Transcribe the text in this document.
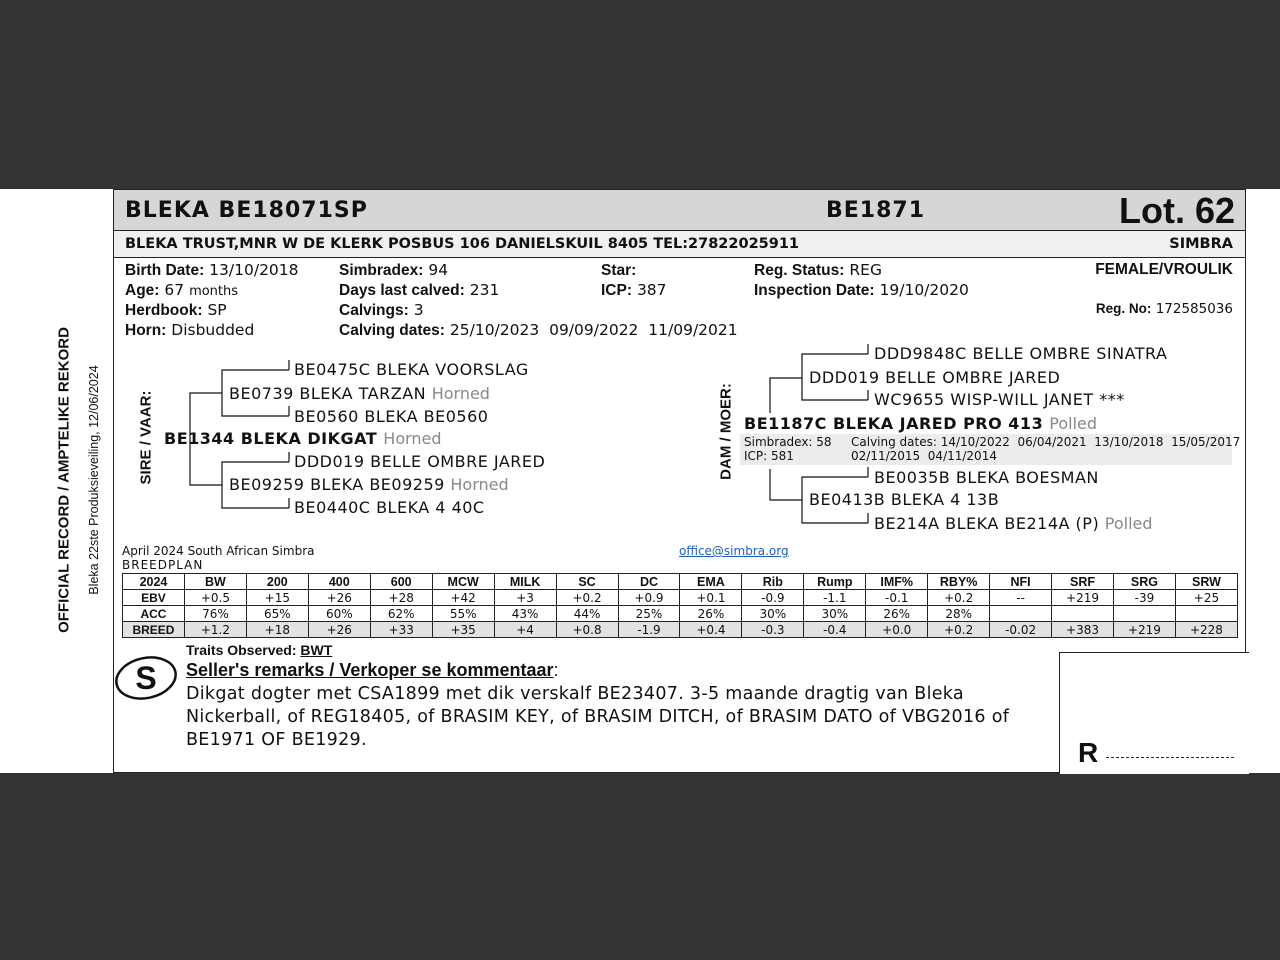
OFFICIAL RECORD / AMPTELIKE REKORD Bleka 22ste Produksieveiling, 12/06/2024
BLEKA BE18071SP	BE1871	Lot. 62
BLEKA TRUST,MNR W DE KLERK POSBUS 106 DANIELSKUIL 8405 TEL:27822025911	SIMBRA
Birth Date: 13/10/2018
Age: 67 months
Herdbook: SP
Horn: Disbudded
Simbradex: 94
Days last calved: 231
Calvings: 3
Calving dates: 25/10/2023  09/09/2022  11/09/2021
Star:
ICP: 387
Reg. Status: REG
Inspection Date: 19/10/2020
FEMALE/VROULIK
Reg. No: 172585036
SIRE / VAAR:
BE0475C BLEKA VOORSLAG
BE0739 BLEKA TARZAN Horned
BE0560 BLEKA BE0560
BE1344 BLEKA DIKGAT Horned
DDD019 BELLE OMBRE JARED
BE09259 BLEKA BE09259 Horned
BE0440C BLEKA 4 40C
DAM / MOER:
DDD9848C BELLE OMBRE SINATRA
DDD019 BELLE OMBRE JARED
WC9655 WISP-WILL JANET ***
BE1187C BLEKA JARED PRO 413 Polled
Simbradex: 58
ICP: 581
Calving dates: 14/10/2022  06/04/2021  13/10/2018  15/05/2017
02/11/2015  04/11/2014
BE0035B BLEKA BOESMAN
BE0413B BLEKA 4 13B
BE214A BLEKA BE214A (P) Polled
April 2024 South African Simbra
BREEDPLAN
office@simbra.org
2024	BW	200	400	600	MCW	MILK	SC	DC	EMA	Rib	Rump	IMF%	RBY%	NFI	SRF	SRG	SRW
EBV	+0.5	+15	+26	+28	+42	+3	+0.2	+0.9	+0.1	-0.9	-1.1	-0.1	+0.2	--	+219	-39	+25
ACC	76%	65%	60%	62%	55%	43%	44%	25%	26%	30%	30%	26%	28%				
BREED	+1.2	+18	+26	+33	+35	+4	+0.8	-1.9	+0.4	-0.3	-0.4	+0.0	+0.2	-0.02	+383	+219	+228
S
Traits Observed: BWT
Seller's remarks / Verkoper se kommentaar:
Dikgat dogter met CSA1899 met dik verskalf BE23407. 3-5 maande dragtig van Bleka Nickerball, of REG18405, of BRASIM KEY, of BRASIM DITCH, of BRASIM DATO of VBG2016 of BE1971 OF BE1929.	R
